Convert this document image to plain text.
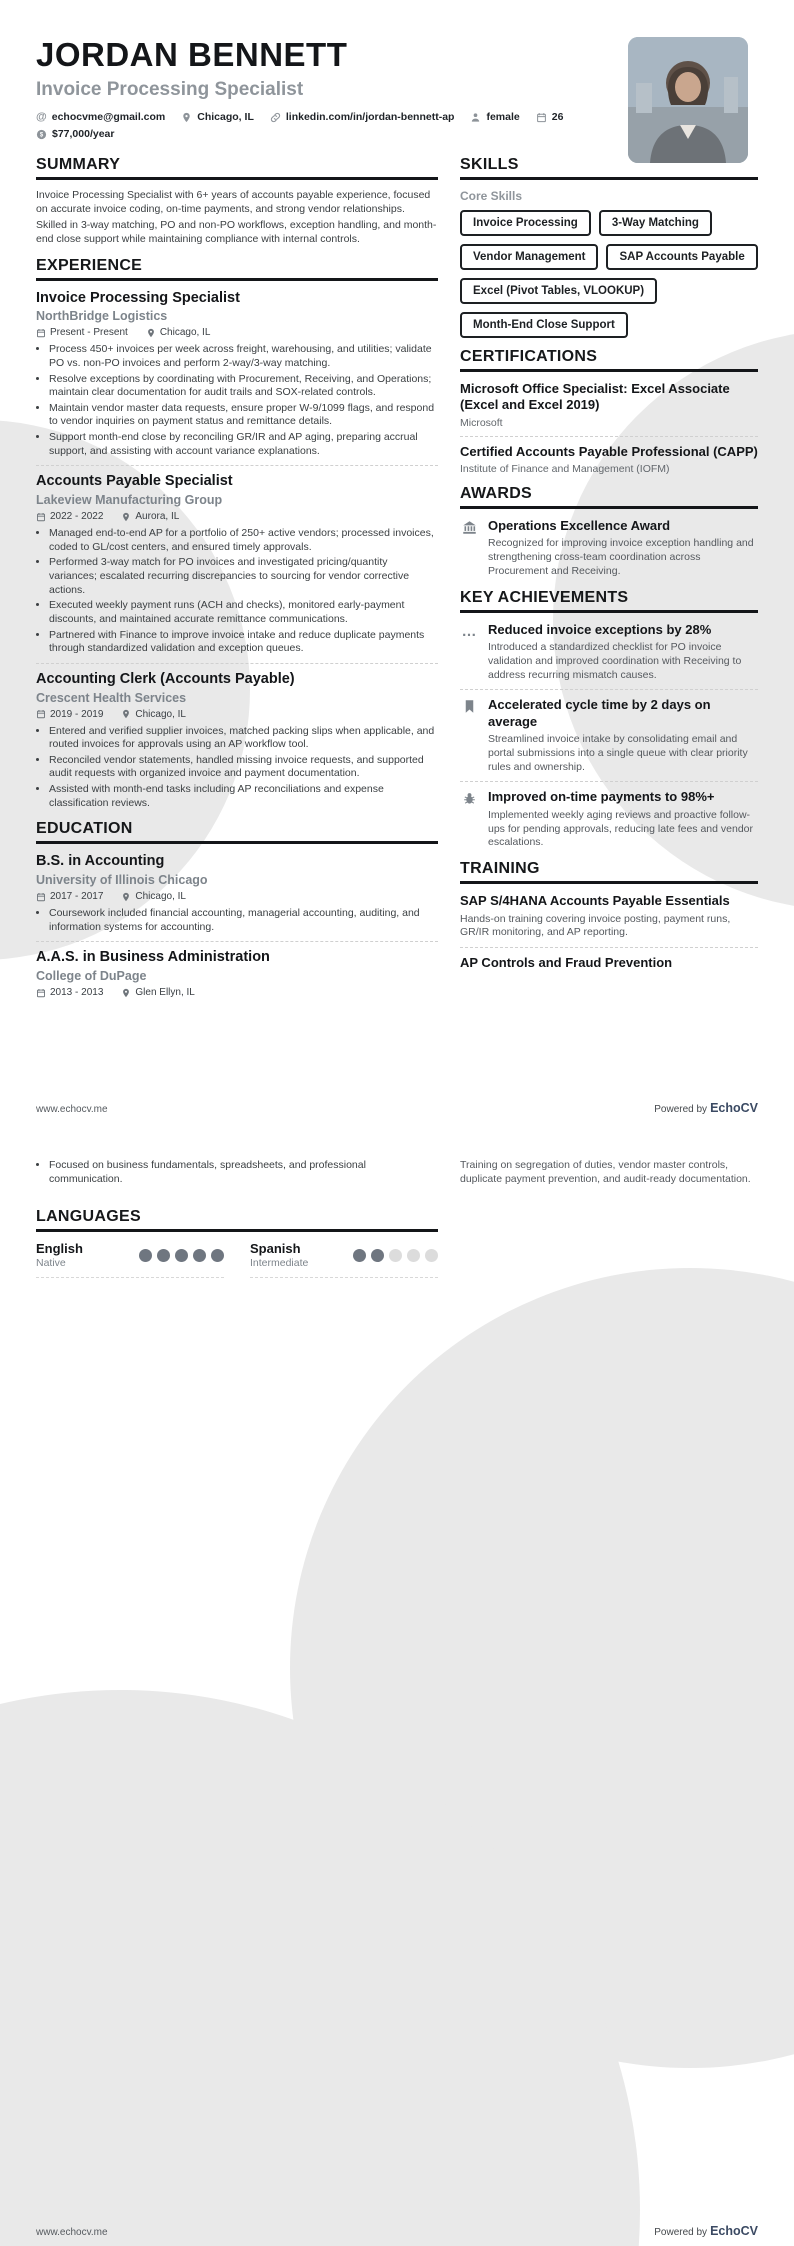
JORDAN BENNETT
Invoice Processing Specialist
@ echocvme@gmail.com	Chicago, IL	linkedin.com/in/jordan-bennett-ap	female	26
$ $77,000/year
SUMMARY

Invoice Processing Specialist with 6+ years of accounts payable experience, focused on accurate invoice coding, on-time payments, and strong vendor relationships.

Skilled in 3-way matching, PO and non-PO workflows, exception handling, and month-end close support while maintaining compliance with internal controls.

EXPERIENCE
Invoice Processing Specialist
NorthBridge Logistics
Present - Present	Chicago, IL
• Process 450+ invoices per week across freight, warehousing, and utilities; validate PO vs. non-PO invoices and perform 2-way/3-way matching.
• Resolve exceptions by coordinating with Procurement, Receiving, and Operations; maintain clear documentation for audit trails and SOX-related controls.
• Maintain vendor master data requests, ensure proper W-9/1099 flags, and respond to vendor inquiries on payment status and remittance details.
• Support month-end close by reconciling GR/IR and AP aging, preparing accrual support, and assisting with account variance explanations.
Accounts Payable Specialist
Lakeview Manufacturing Group
2022 - 2022	Aurora, IL
• Managed end-to-end AP for a portfolio of 250+ active vendors; processed invoices, coded to GL/cost centers, and ensured timely approvals.
• Performed 3-way match for PO invoices and investigated pricing/quantity variances; escalated recurring discrepancies to sourcing for vendor corrective actions.
• Executed weekly payment runs (ACH and checks), monitored early-payment discounts, and maintained accurate remittance communications.
• Partnered with Finance to improve invoice intake and reduce duplicate payments through standardized validation and exception queues.
Accounting Clerk (Accounts Payable)
Crescent Health Services
2019 - 2019	Chicago, IL
• Entered and verified supplier invoices, matched packing slips when applicable, and routed invoices for approvals using an AP workflow tool.
• Reconciled vendor statements, handled missing invoice requests, and supported audit requests with organized invoice and payment documentation.
• Assisted with month-end tasks including AP reconciliations and expense classification reviews.
EDUCATION
B.S. in Accounting
University of Illinois Chicago
2017 - 2017	Chicago, IL
• Coursework included financial accounting, managerial accounting, auditing, and information systems for accounting.
A.A.S. in Business Administration
College of DuPage
2013 - 2013	Glen Ellyn, IL
SKILLS
Core Skills
Invoice Processing	3-Way Matching
Vendor Management	SAP Accounts Payable
Excel (Pivot Tables, VLOOKUP)
Month-End Close Support
CERTIFICATIONS
Microsoft Office Specialist: Excel Associate (Excel and Excel 2019)
Microsoft
Certified Accounts Payable Professional (CAPP)
Institute of Finance and Management (IOFM)
AWARDS
Operations Excellence Award
Recognized for improving invoice exception handling and strengthening cross-team coordination across Procurement and Receiving.
KEY ACHIEVEMENTS
… Reduced invoice exceptions by 28%
Introduced a standardized checklist for PO invoice validation and improved coordination with Receiving to address recurring mismatch causes.
Accelerated cycle time by 2 days on average
Streamlined invoice intake by consolidating email and portal submissions into a single queue with clear priority rules and ownership.
Improved on-time payments to 98%+
Implemented weekly aging reviews and proactive follow-ups for pending approvals, reducing late fees and vendor escalations.
TRAINING
SAP S/4HANA Accounts Payable Essentials
Hands-on training covering invoice posting, payment runs, GR/IR monitoring, and AP reporting.
AP Controls and Fraud Prevention
www.echocv.me	Powered by EchoCV
• Focused on business fundamentals, spreadsheets, and professional communication.
LANGUAGES
English
Native
Spanish
Intermediate
Training on segregation of duties, vendor master controls, duplicate payment prevention, and audit-ready documentation.
www.echocv.me	Powered by EchoCV
